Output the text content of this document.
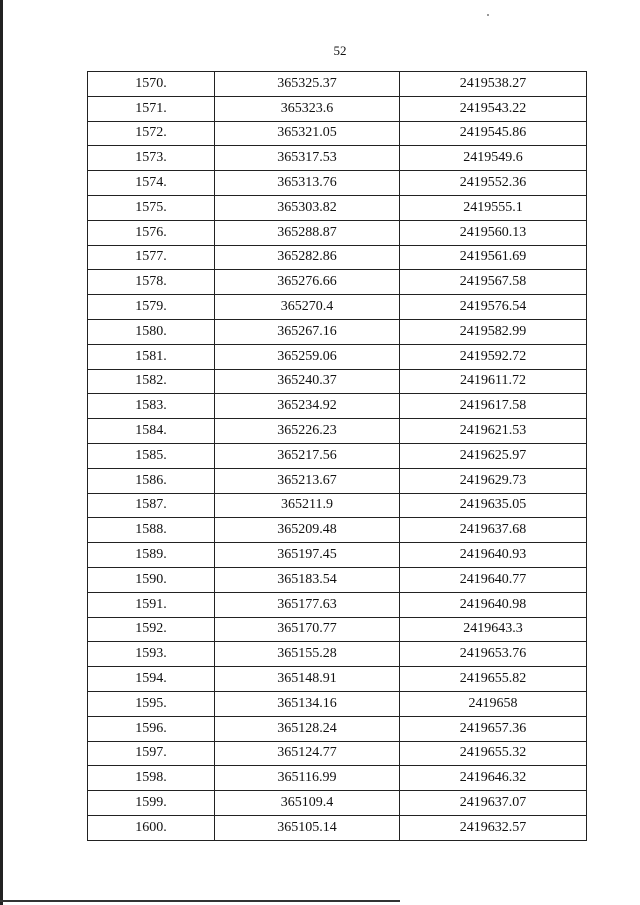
52
1570.	365325.37	2419538.27
1571.	365323.6	2419543.22
1572.	365321.05	2419545.86
1573.	365317.53	2419549.6
1574.	365313.76	2419552.36
1575.	365303.82	2419555.1
1576.	365288.87	2419560.13
1577.	365282.86	2419561.69
1578.	365276.66	2419567.58
1579.	365270.4	2419576.54
1580.	365267.16	2419582.99
1581.	365259.06	2419592.72
1582.	365240.37	2419611.72
1583.	365234.92	2419617.58
1584.	365226.23	2419621.53
1585.	365217.56	2419625.97
1586.	365213.67	2419629.73
1587.	365211.9	2419635.05
1588.	365209.48	2419637.68
1589.	365197.45	2419640.93
1590.	365183.54	2419640.77
1591.	365177.63	2419640.98
1592.	365170.77	2419643.3
1593.	365155.28	2419653.76
1594.	365148.91	2419655.82
1595.	365134.16	2419658
1596.	365128.24	2419657.36
1597.	365124.77	2419655.32
1598.	365116.99	2419646.32
1599.	365109.4	2419637.07
1600.	365105.14	2419632.57
